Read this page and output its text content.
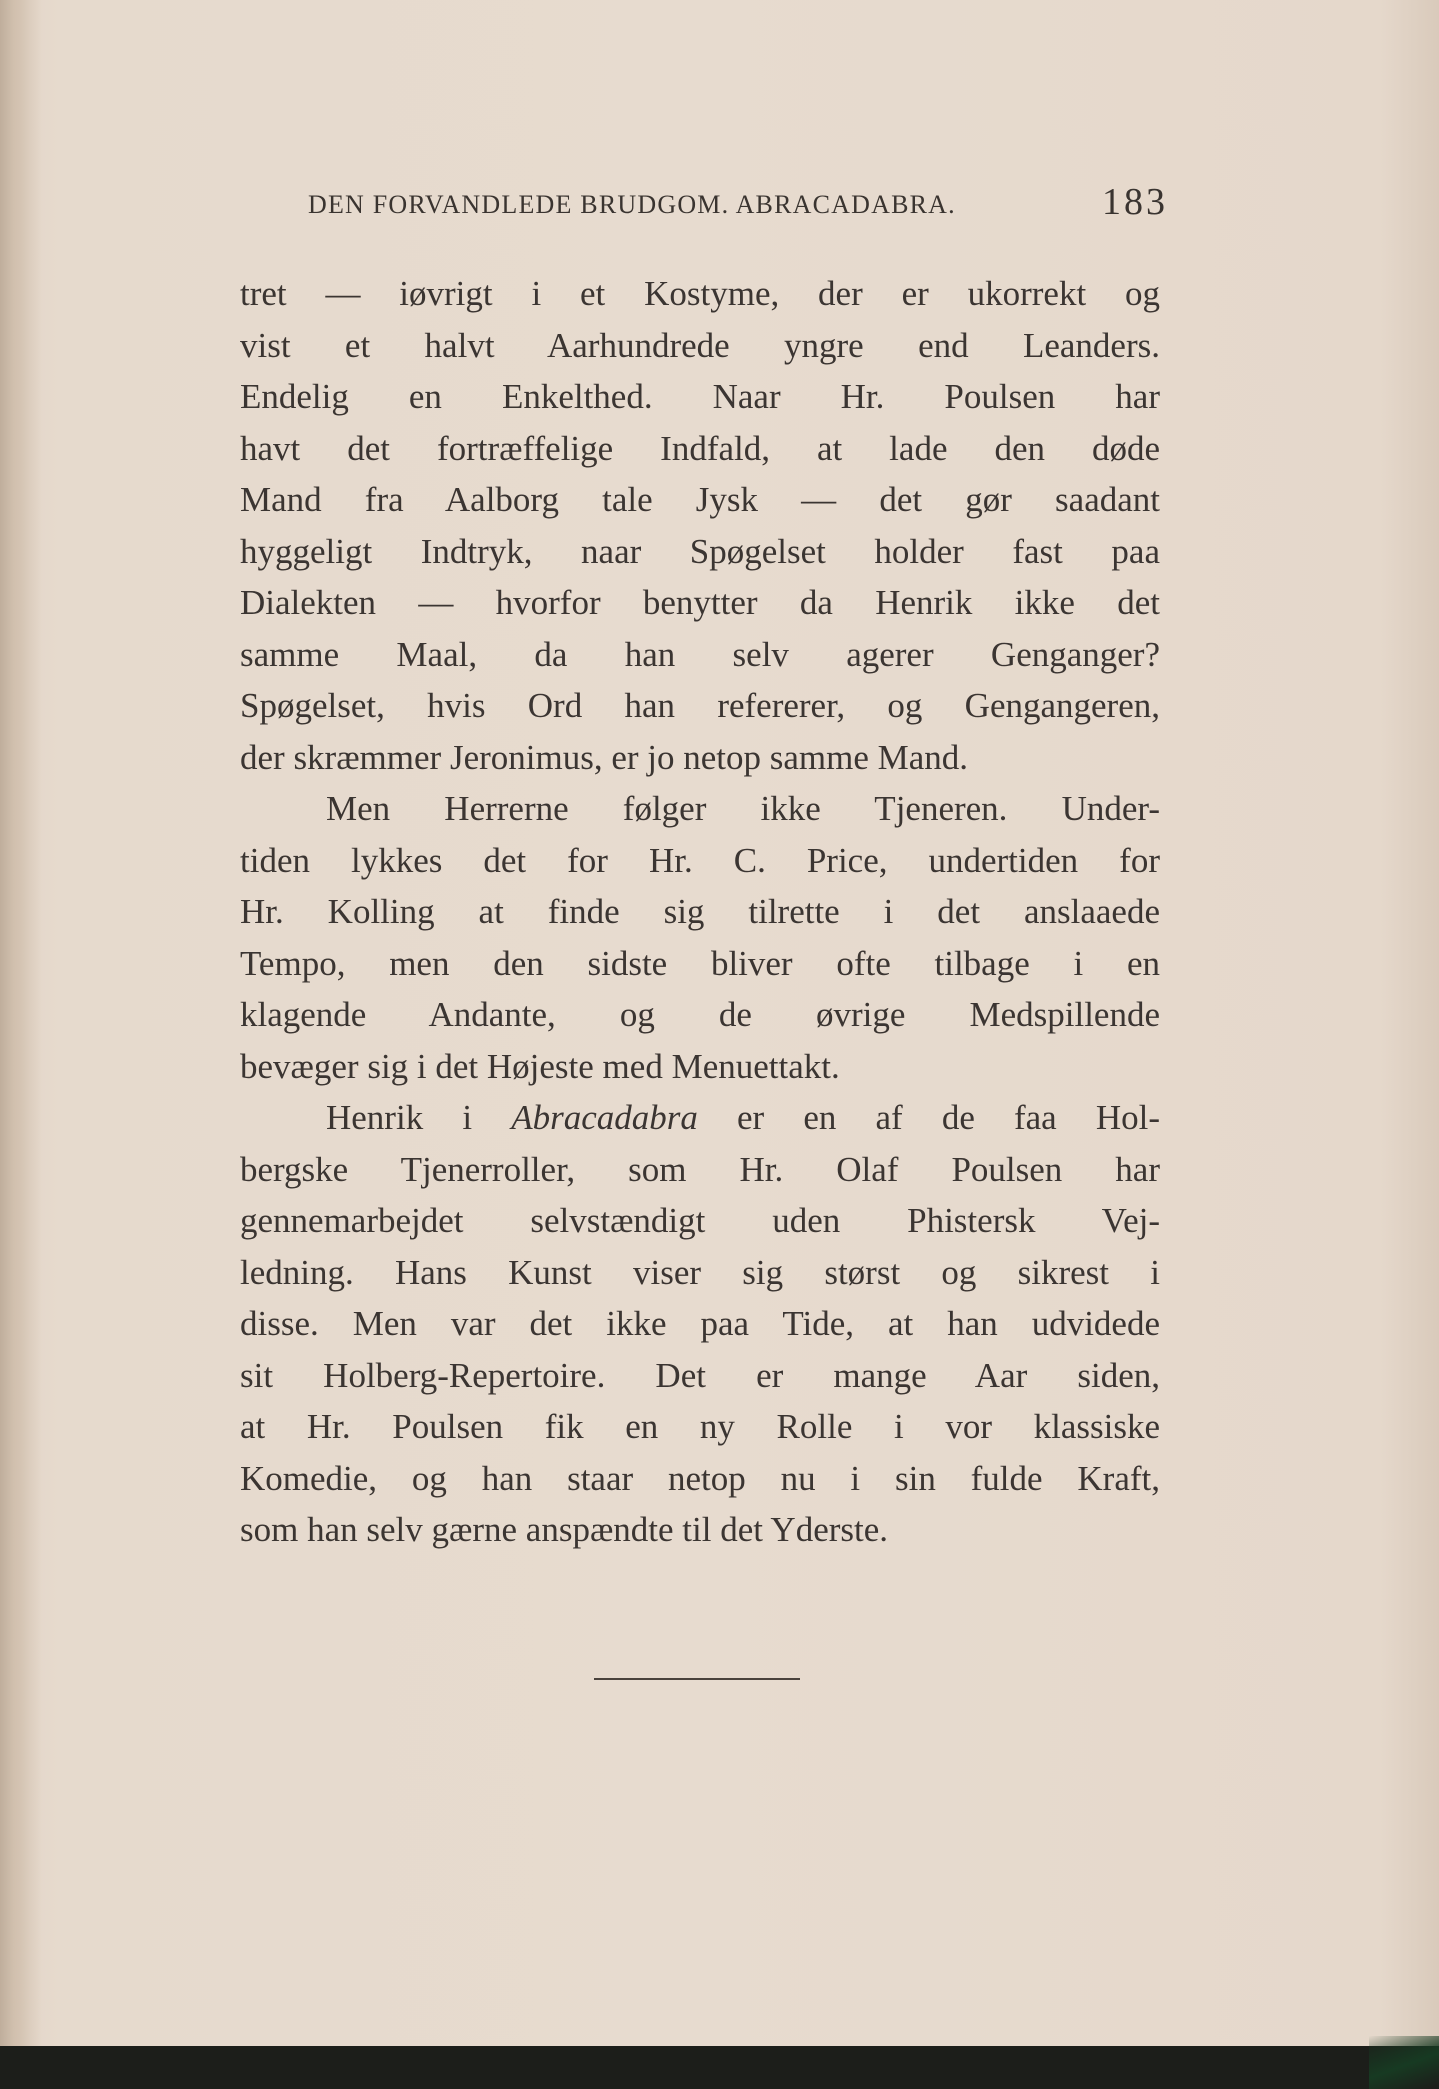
DEN FORVANDLEDE BRUDGOM. ABRACADABRA.	183
tret — iøvrigt i et Kostyme, der er ukorrekt og
vist et halvt Aarhundrede yngre end Leanders.
Endelig en Enkelthed. Naar Hr. Poulsen har
havt det fortræffelige Indfald, at lade den døde
Mand fra Aalborg tale Jysk — det gør saadant
hyggeligt Indtryk, naar Spøgelset holder fast paa
Dialekten — hvorfor benytter da Henrik ikke det
samme Maal, da han selv agerer Genganger?
Spøgelset, hvis Ord han refererer, og Gengangeren,
der skræmmer Jeronimus, er jo netop samme Mand.
Men Herrerne følger ikke Tjeneren. Under-
tiden lykkes det for Hr. C. Price, undertiden for
Hr. Kolling at finde sig tilrette i det anslaaede
Tempo, men den sidste bliver ofte tilbage i en
klagende Andante, og de øvrige Medspillende
bevæger sig i det Højeste med Menuettakt.
Henrik i Abracadabra er en af de faa Hol-
bergske Tjenerroller, som Hr. Olaf Poulsen har
gennemarbejdet selvstændigt uden Phistersk Vej-
ledning. Hans Kunst viser sig størst og sikrest i
disse. Men var det ikke paa Tide, at han udvidede
sit Holberg-Repertoire. Det er mange Aar siden,
at Hr. Poulsen fik en ny Rolle i vor klassiske
Komedie, og han staar netop nu i sin fulde Kraft,
som han selv gærne anspændte til det Yderste.
